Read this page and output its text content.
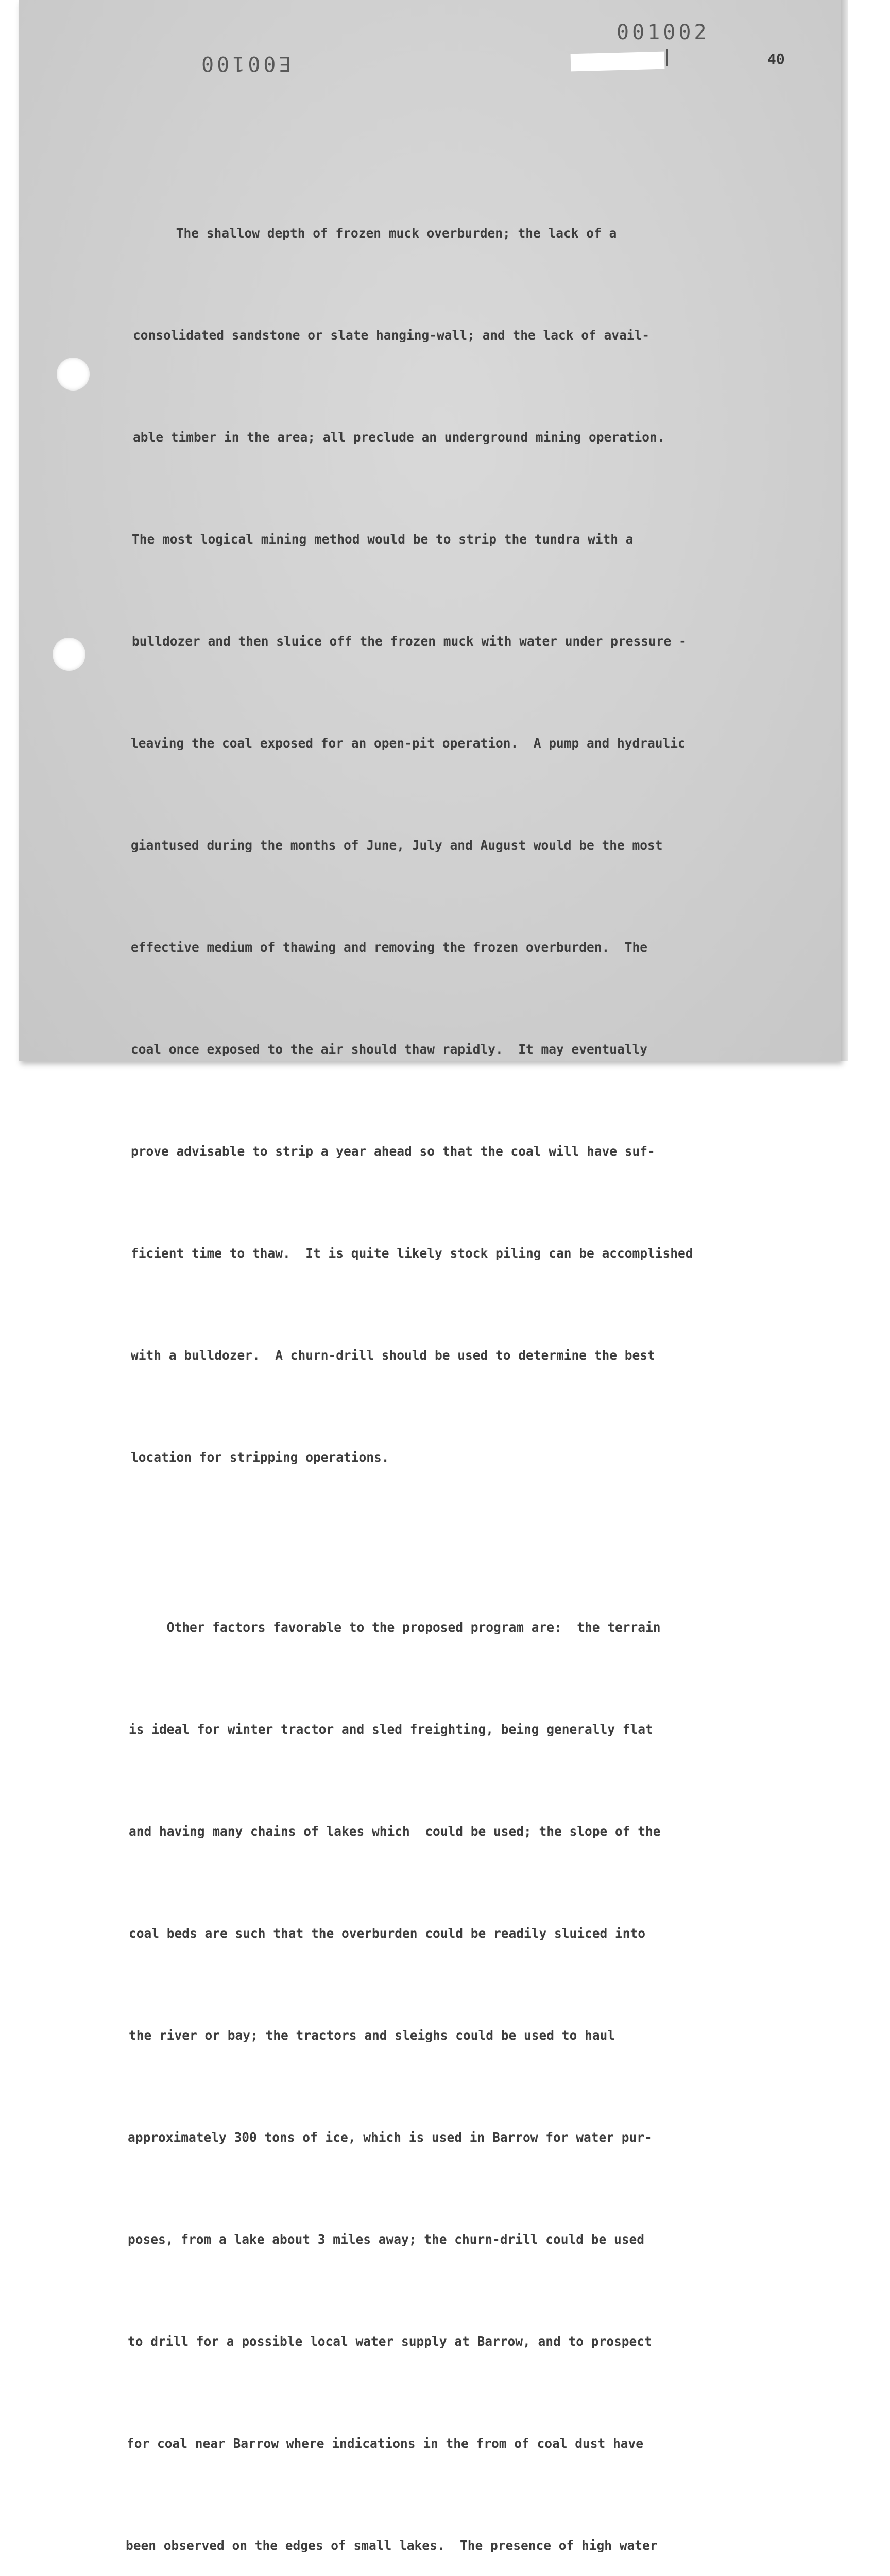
E00100
001002
40

The shallow depth of frozen muck overburden; the lack of a

consolidated sandstone or slate hanging-wall; and the lack of avail-

able timber in the area; all preclude an underground mining operation.

The most logical mining method would be to strip the tundra with a

bulldozer and then sluice off the frozen muck with water under pressure -

leaving the coal exposed for an open-pit operation.  A pump and hydraulic

giantused during the months of June, July and August would be the most

effective medium of thawing and removing the frozen overburden.  The

coal once exposed to the air should thaw rapidly.  It may eventually

prove advisable to strip a year ahead so that the coal will have suf-

ficient time to thaw.  It is quite likely stock piling can be accomplished

with a bulldozer.  A churn-drill should be used to determine the best

location for stripping operations.

Other factors favorable to the proposed program are:  the terrain

is ideal for winter tractor and sled freighting, being generally flat

and having many chains of lakes which  could be used; the slope of the

coal beds are such that the overburden could be readily sluiced into

the river or bay; the tractors and sleighs could be used to haul

approximately 300 tons of ice, which is used in Barrow for water pur-

poses, from a lake about 3 miles away; the churn-drill could be used

to drill for a possible local water supply at Barrow, and to prospect

for coal near Barrow where indications in the from of coal dust have

been observed on the edges of small lakes.  The presence of high water
